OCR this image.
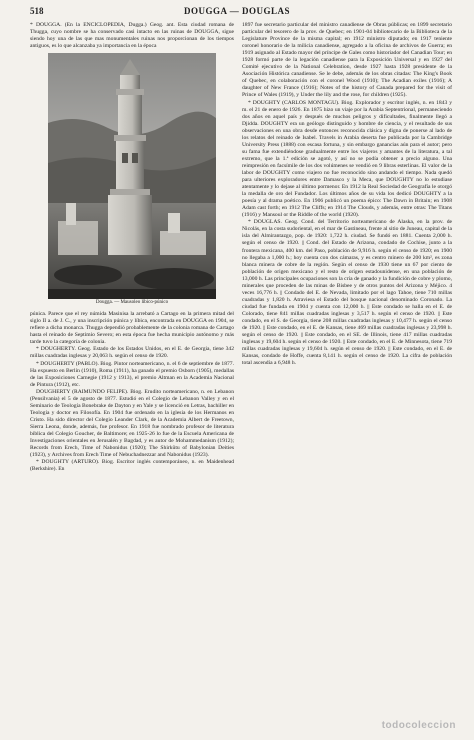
518	DOUGGA — DOUGLAS

* DOUGGA. (En la ENCICLOPEDIA, Dugga.) Geog. ant. Esta ciudad romana de Thugga, cuyo nombre se ha conservado casi intacto en las ruinas de DOUGGA, sigue siendo hoy una de las que mas monumentales ruinas nos proporcionan de los tiempos antiguos, es lo que alcanzaba ya importancia en la época

Dougga. — Mausoleo líbico-púnico

púnica. Parece que el rey númida Masinisa la arrebató a Cartago en la primera mitad del siglo II a. de J. C., y una inscripción púnica y líbica, encontrada en DOUGGA en 1904, se refiere a dicha monarca. Thugga dependió probablemente de la colonia romana de Cartago hasta el reinado de Septimio Severo; en esta época fue hecha municipio autónomo y más tarde tuvo la categoría de colonia.

* DOUGHERTY. Geog. Estado de los Estados Unidos, en el E. de Georgia, tiene 342 millas cuadradas inglesas y 20,063 h. según el censo de 1920.

* DOUGHERTY (PABLO). Biog. Pintor norteamericano, n. el 6 de septiembre de 1877. Ha expuesto en Berlín (1910), Roma (1911), ha ganado el premio Osborn (1905), medallas de las Exposiciones Carnegie (1912 y 1913), el premio Altman en la Academia Nacional de Pintura (1912), etc.

DOUGHERTY (RAIMUNDO FELIPE). Biog. Erudito norteamericano, n. en Lebanon (Pensilvania) el 5 de agosto de 1877. Estudió en el Colegio de Lebanon Valley y en el Seminario de Teología Bonebrake de Dayton y en Yale y se licenció en Letras, bachiller en Teología y doctor en Filosofía. En 1904 fue ordenado en la iglesia de los Hermanos en Cristo. Ha sido director del Colegio Leander Clark, de la Academia Albert de Freetown, Sierra Leona, donde, además, fue profesor. En 1918 fue nombrado profesor de literatura bíblica del Colegio Goucher, de Baltimore; en 1925-26 lo fue de la Escuela Americana de Investigaciones orientales en Jerusalén y Bagdad, y es autor de Mohammedanism (1912); Records from Erech, Time of Nabonidus (1920); The Shirkûtu of Babylonian Deities (1923), y Archives from Erech Time of Nebuchadnezzar and Nabonidus (1923).

* DOUGHTY (ARTURO). Biog. Escritor inglés contemporáneo, n. en Maidenhead (Berkshire). En

1897 fue secretario particular del ministro canadiense de Obras públicas; en 1899 secretario particular del tesorero de la prov. de Quebec; en 1901-04 bibliotecario de la Biblioteca de la Legislature Province de la misma capital; en 1912 ministro diputado; en 1917 teniente coronel honorario de la milicia canadiense, agregado a la oficina de archivos de Guerra; en 1919 asignado al Estado mayor del príncipe de Gales como historiador del Canadian Tour; en 1928 formó parte de la legación canadiense para la Exposición Universal y en 1927 del Comité ejecutivo de la National Celebration, desde 1927 hasta 1928 presidente de la Asociación Histórica canadiense. Se le debe, además de los obras citadas: The King's Book of Quebec, en colaboración con el coronel Wood (1910); The Acadian exiles (1916); A daughter of New France (1916); Notes of the history of Canada prepared for the visit of Prince of Wales (1919), y Under the lily and the rose, for children (1925).

* DOUGHTY (CARLOS MONTAGU). Biog. Explorador y escritor inglés, n. en 1843 y m. el 21 de enero de 1926. En 1875 hizo un viaje por la Arabia Septentrional, permaneciendo dos años en aquel país y después de muchos peligros y dificultades, finalmente llegó a Djidda. DOUGHTY era un geólogo distinguido y hombre de ciencia, y el resultado de sus observaciones en una obra desde entonces reconocida clásica y digna de ponerse al lado de los relatos del reinado de Isabel. Travels in Arabia deserta fue publicada por la Cambridge University Press (1888) con escasa fortuna, y sin embargo ganancias aún para el autor; pero su fama fue extendiéndose gradualmente entre los viajeros y amantes de la literatura, a tal extremo, que la 1.ª edición se agotó, y así no se podía obtener a precio alguno. Una reimpresión en facsímile de los dos volúmenes se vendió en 9 libras esterlinas. El valor de la labor de DOUGHTY como viajero no fue reconocido sino andando el tiempo. Nada quedó para ulteriores exploradores entre Damasco y la Meca, que DOUGHTY no lo estudiase atentamente y lo dejase al último pormenor. En 1912 la Real Sociedad de Geografía le otorgó la medalla de oro del Fundador. Los últimos años de su vida los dedicó DOUGHTY a la poesía y al drama poético. En 1906 publicó un poema épico: The Dawn in Britain; en 1908 Adam cast forth; en 1912 The Cliffs; en 1914 The Clouds, y además, entre otras: The Titans (1916) y Mansoul or the Riddle of the world (1920).

* DOUGLAS. Geog. Cond. del Territorio norteamericano de Alaska, en la prov. de Nicolás, en la costa sudoriental, en el mar de Gastineau, frente al sitio de Juneau, capital de la isla del Almirantazgo, pop. de 1920: 1,722 h. ciudad. Se fundó en 1881. Cuenta 2,000 h. según el censo de 1920. || Cond. del Estado de Arizona, condado de Cochise, junto a la frontera mexicana, 400 km. del Paso, población de 9,916 h. según el censo de 1920; en 1900 no llegaba a 1,000 h.; hoy cuenta con dos cámaras, y es centro minero de 200 km², es zona blanca minera de cobre de la región. Según el censo de 1930 tiene un 67 por ciento de población de origen mexicano y el resto de origen estadounidense, en una población de 13,000 h. Las principales ocupaciones son la cría de ganado y la fundición de cobre y plomo, minerales que proceden de las minas de Bisbee y de otros puntos del Arizona y Méjico. 4 veces 16,776 h. || Condado del E. de Nevada, limitado por el lago Tahoe, tiene 710 millas cuadradas y 1,820 h. Atraviesa el Estado del bosque nacional denominado Coronado. La ciudad fue fundada en 1904 y cuenta con 12,000 h. || Este condado se halla en el E. de Colorado, tiene 841 millas cuadradas inglesas y 3,517 h. según el censo de 1920. || Este condado, en el S. de Georgia, tiene 208 millas cuadradas inglesas y 10,477 h. según el censo de 1920. || Este condado, en el E. de Kansas, tiene 469 millas cuadradas inglesas y 23,998 h. según el censo de 1920. || Este condado, en el SE. de Illinois, tiene 417 millas cuadradas inglesas y 19,604 h. según el censo de 1920. || Este condado, en el E. de Minnesota, tiene 719 millas cuadradas inglesas y 19,604 h. según el censo de 1920. || Este condado, en el E. de Kansas, condado de Hoffe, cuenta 8,141 h. según el censo de 1920. La cifra de población total ascendía a 6,948 h.

todocoleccion
